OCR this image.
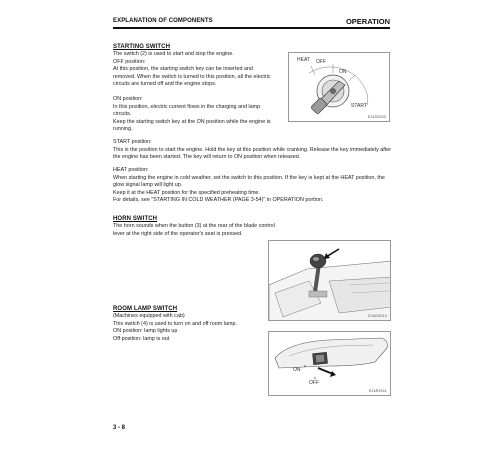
EXPLANATION OF COMPONENTS	OPERATION
STARTING SWITCH
The switch (2) is used to start and stop the engine.
OFF position:
At this position, the starting switch key can be inserted and
removed. When the switch is turned to this position, all the electric
circuits are turned off and the engine stops.
ON position:
In this position, electric current flows in the charging and lamp
circuits.
Keep the starting switch key at the ON position while the engine is
running.
HEAT OFF
ON
START
EJ4S2003
START position:
This is the position to start the engine. Hold the key at this position while cranking. Release the key immediately after
the engine has been started. The key will return to ON position when released.
HEAT position:
When starting the engine in cold weather, set the switch to this position. If the key is kept at the HEAT position, the
glow signal lamp will light up.
Keep it at the HEAT position for the specified preheating time.
For details, see "STARTING IN COLD WEATHER (PAGE 3-54)" in OPERATION portion.
HORN SWITCH
The horn sounds when the button (3) at the rear of the blade control
lever at the right side of the operator's seat is pressed.
EJ4G2013
ROOM LAMP SWITCH
(Machines equipped with cab)
This switch (4) is used to turn on and off room lamp.
ON position: lamp lights up
Off position: lamp is out
ON
OFF
EJ4R2011
3 - 8
